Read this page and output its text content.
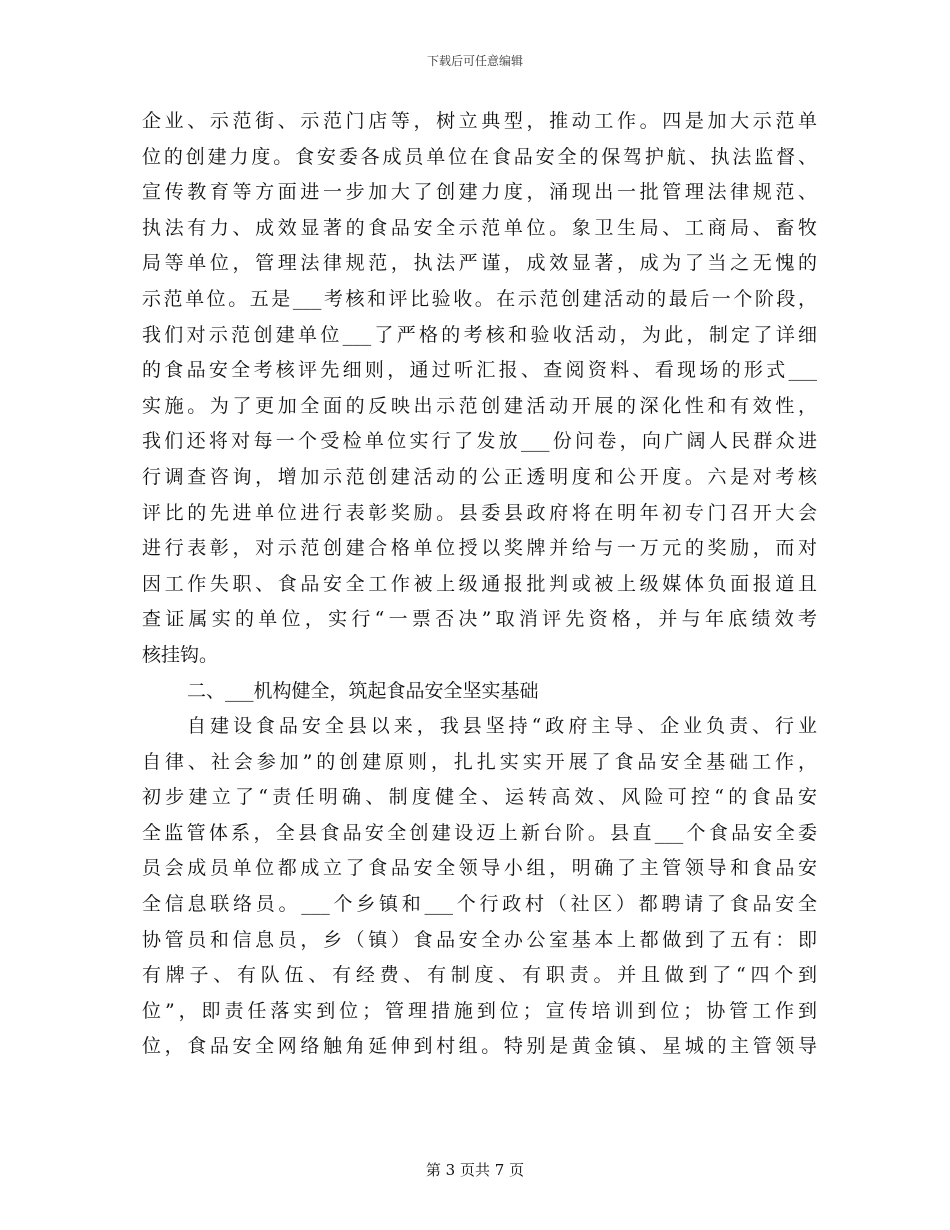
下载后可任意编辑
企业、示范街、示范门店等，树立典型，推动工作。四是加大示范单
位的创建力度。食安委各成员单位在食品安全的保驾护航、执法监督、
宣传教育等方面进一步加大了创建力度，涌现出一批管理法律规范、
执法有力、成效显著的食品安全示范单位。象卫生局、工商局、畜牧
局等单位，管理法律规范，执法严谨，成效显著，成为了当之无愧的
示范单位。五是___考核和评比验收。在示范创建活动的最后一个阶段，
我们对示范创建单位___了严格的考核和验收活动，为此，制定了详细
的食品安全考核评先细则，通过听汇报、查阅资料、看现场的形式___
实施。为了更加全面的反映出示范创建活动开展的深化性和有效性，
我们还将对每一个受检单位实行了发放___份问卷，向广阔人民群众进
行调查咨询，增加示范创建活动的公正透明度和公开度。六是对考核
评比的先进单位进行表彰奖励。县委县政府将在明年初专门召开大会
进行表彰，对示范创建合格单位授以奖牌并给与一万元的奖励，而对
因工作失职、食品安全工作被上级通报批判或被上级媒体负面报道且
查证属实的单位，实行“一票否决”取消评先资格，并与年底绩效考
核挂钩。
二、___机构健全，筑起食品安全坚实基础
自建设食品安全县以来，我县坚持“政府主导、企业负责、行业
自律、社会参加”的创建原则，扎扎实实开展了食品安全基础工作，
初步建立了“责任明确、制度健全、运转高效、风险可控“的食品安
全监管体系，全县食品安全创建设迈上新台阶。县直___个食品安全委
员会成员单位都成立了食品安全领导小组，明确了主管领导和食品安
全信息联络员。___个乡镇和___个行政村（社区）都聘请了食品安全
协管员和信息员，乡（镇）食品安全办公室基本上都做到了五有：即
有牌子、有队伍、有经费、有制度、有职责。并且做到了“四个到
位”，即责任落实到位；管理措施到位；宣传培训到位；协管工作到
位，食品安全网络触角延伸到村组。特别是黄金镇、星城的主管领导
第 3 页共 7 页
